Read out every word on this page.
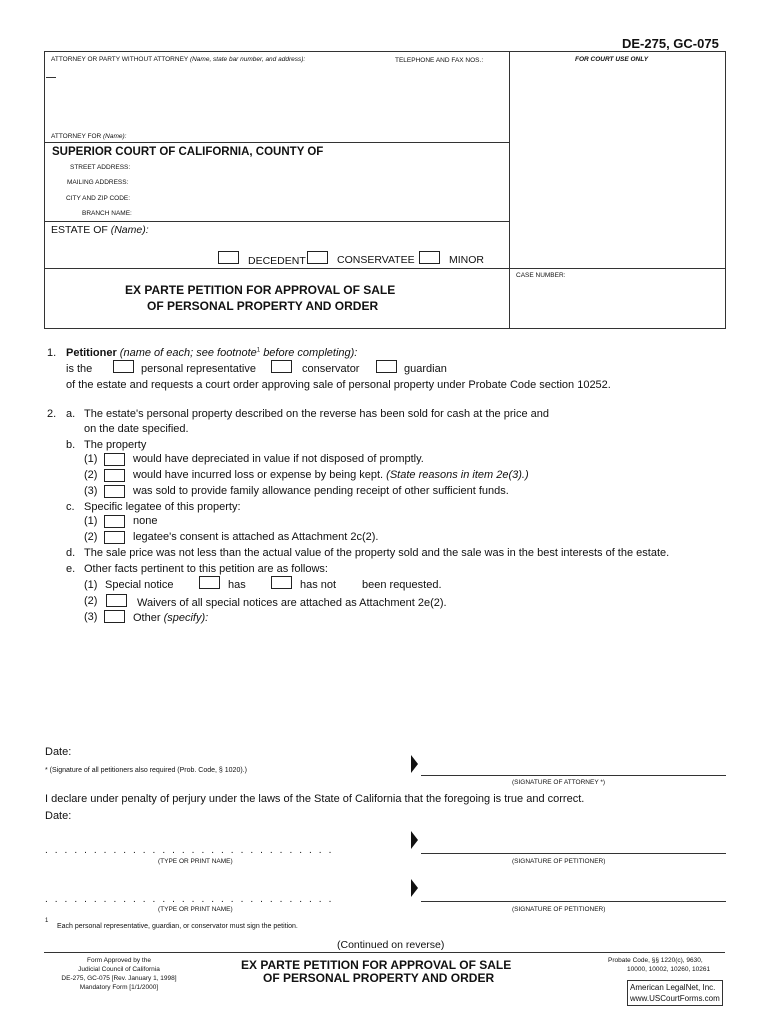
DE-275, GC-075
ATTORNEY OR PARTY WITHOUT ATTORNEY (Name, state bar number, and address):	TELEPHONE AND FAX NOS.:	FOR COURT USE ONLY
ATTORNEY FOR (Name):
SUPERIOR COURT OF CALIFORNIA, COUNTY OF
STREET ADDRESS:
MAILING ADDRESS:
CITY AND ZIP CODE:
BRANCH NAME:
ESTATE OF (Name):
DECEDENT	CONSERVATEE	MINOR
CASE NUMBER:
EX PARTE PETITION FOR APPROVAL OF SALE
OF PERSONAL PROPERTY AND ORDER
1. Petitioner (name of each; see footnote$^1$ before completing):
is the	personal representative	conservator	guardian
of the estate and requests a court order approving sale of personal property under Probate Code section 10252.
2. a. The estate's personal property described on the reverse has been sold for cash at the price and
on the date specified.
b. The property
(1)	would have depreciated in value if not disposed of promptly.
(2)	would have incurred loss or expense by being kept. (State reasons in item 2e(3).)
(3)	was sold to provide family allowance pending receipt of other sufficient funds.
c. Specific legatee of this property:
(1)	none
(2)	legatee's consent is attached as Attachment 2c(2).
d. The sale price was not less than the actual value of the property sold and the sale was in the best interests of the estate.
e. Other facts pertinent to this petition are as follows:
(1) Special notice	has	has not been requested.
(2)	Waivers of all special notices are attached as Attachment 2e(2).
(3)	Other (specify):
Date:
* (Signature of all petitioners also required (Prob. Code, § 1020).)
(SIGNATURE OF ATTORNEY *)
I declare under penalty of perjury under the laws of the State of California that the foregoing is true and correct.
Date:
..............................
(TYPE OR PRINT NAME)	(SIGNATURE OF PETITIONER)
..............................
(TYPE OR PRINT NAME)	(SIGNATURE OF PETITIONER)
1
Each personal representative, guardian, or conservator must sign the petition.
(Continued on reverse)
Form Approved by the
Judicial Council of California
DE-275, GC-075 [Rev. January 1, 1998]
Mandatory Form [1/1/2000]
EX PARTE PETITION FOR APPROVAL OF SALE
OF PERSONAL PROPERTY AND ORDER
Probate Code, §§ 1220(c), 9630,
10000, 10002, 10260, 10261
American LegalNet, Inc.
www.USCourtForms.com
